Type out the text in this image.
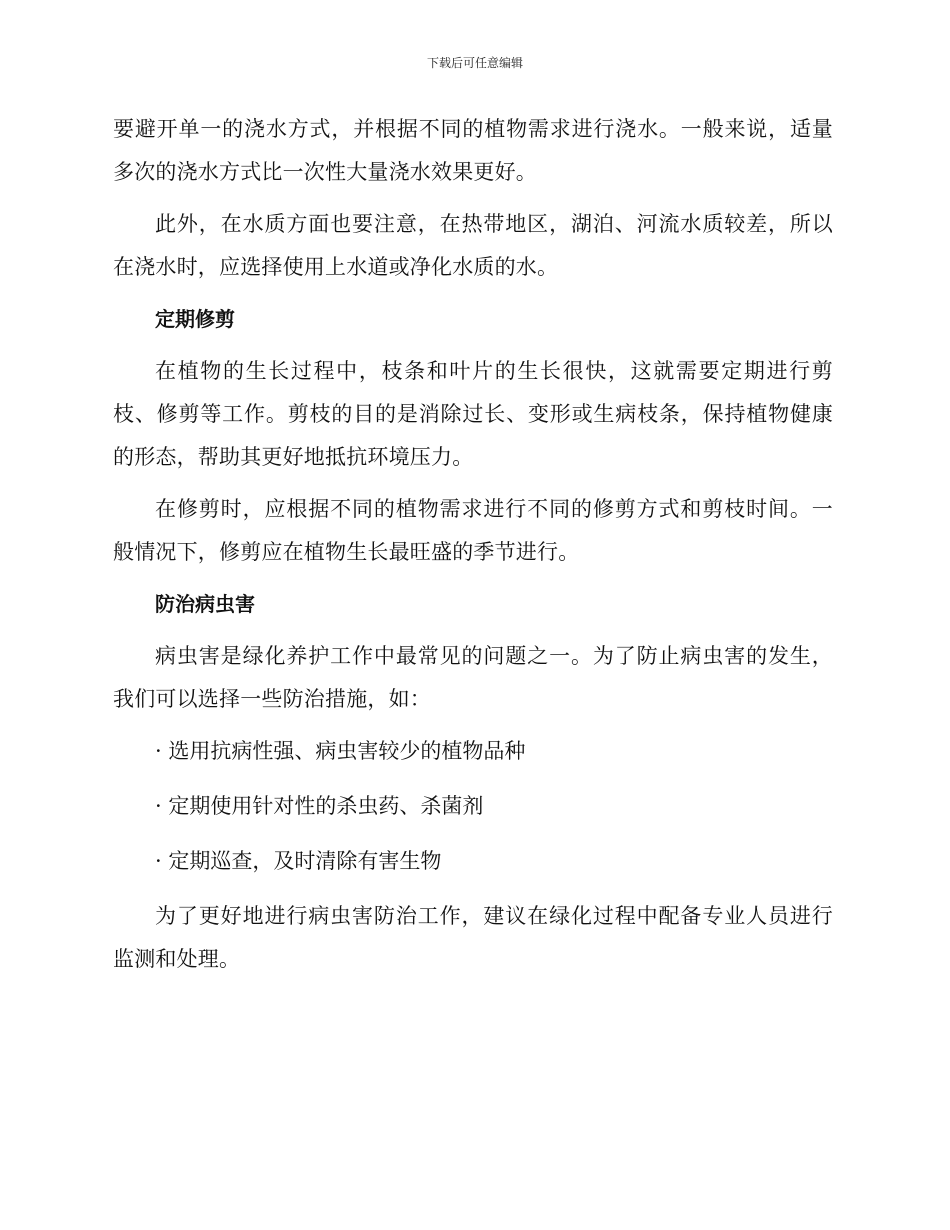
下载后可任意编辑

要避开单一的浇水方式，并根据不同的植物需求进行浇水。一般来说，适量多次的浇水方式比一次性大量浇水效果更好。

此外，在水质方面也要注意，在热带地区，湖泊、河流水质较差，所以在浇水时，应选择使用上水道或净化水质的水。

定期修剪

在植物的生长过程中，枝条和叶片的生长很快，这就需要定期进行剪枝、修剪等工作。剪枝的目的是消除过长、变形或生病枝条，保持植物健康的形态，帮助其更好地抵抗环境压力。

在修剪时，应根据不同的植物需求进行不同的修剪方式和剪枝时间。一般情况下，修剪应在植物生长最旺盛的季节进行。

防治病虫害

病虫害是绿化养护工作中最常见的问题之一。为了防止病虫害的发生，我们可以选择一些防治措施，如：

· 选用抗病性强、病虫害较少的植物品种
· 定期使用针对性的杀虫药、杀菌剂
· 定期巡查，及时清除有害生物

为了更好地进行病虫害防治工作，建议在绿化过程中配备专业人员进行监测和处理。
